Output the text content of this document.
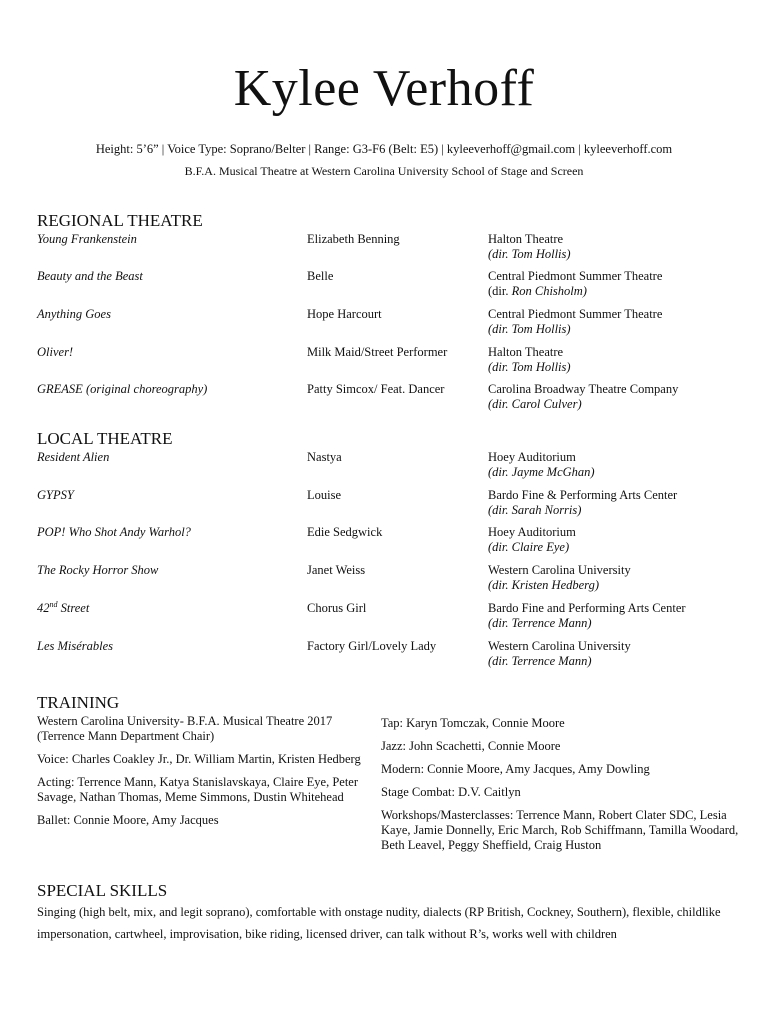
Kylee Verhoff
Height: 5’6” | Voice Type: Soprano/Belter | Range: G3-F6 (Belt: E5) | kyleeverhoff@gmail.com | kyleeverhoff.com
B.F.A. Musical Theatre at Western Carolina University School of Stage and Screen
REGIONAL THEATRE
Young Frankenstein	Elizabeth Benning	Halton Theatre
(dir. Tom Hollis)
Beauty and the Beast	Belle	Central Piedmont Summer Theatre
(dir. Ron Chisholm)
Anything Goes	Hope Harcourt	Central Piedmont Summer Theatre
(dir. Tom Hollis)
Oliver!	Milk Maid/Street Performer	Halton Theatre
(dir. Tom Hollis)
GREASE (original choreography)	Patty Simcox/ Feat. Dancer	Carolina Broadway Theatre Company
(dir. Carol Culver)
LOCAL THEATRE
Resident Alien	Nastya	Hoey Auditorium
(dir. Jayme McGhan)
GYPSY	Louise	Bardo Fine & Performing Arts Center
(dir. Sarah Norris)
POP! Who Shot Andy Warhol?	Edie Sedgwick	Hoey Auditorium
(dir. Claire Eye)
The Rocky Horror Show	Janet Weiss	Western Carolina University
(dir. Kristen Hedberg)
42nd Street	Chorus Girl	Bardo Fine and Performing Arts Center
(dir. Terrence Mann)
Les Misérables	Factory Girl/Lovely Lady	Western Carolina University
(dir. Terrence Mann)
TRAINING
Western Carolina University- B.F.A. Musical Theatre 2017 (Terrence Mann Department Chair)
Voice: Charles Coakley Jr., Dr. William Martin, Kristen Hedberg
Acting: Terrence Mann, Katya Stanislavskaya, Claire Eye, Peter Savage, Nathan Thomas, Meme Simmons, Dustin Whitehead
Ballet: Connie Moore, Amy Jacques
Tap: Karyn Tomczak, Connie Moore
Jazz: John Scachetti, Connie Moore
Modern: Connie Moore, Amy Jacques, Amy Dowling
Stage Combat: D.V. Caitlyn
Workshops/Masterclasses: Terrence Mann, Robert Clater SDC, Lesia Kaye, Jamie Donnelly, Eric March, Rob Schiffmann, Tamilla Woodard, Beth Leavel, Peggy Sheffield, Craig Huston
SPECIAL SKILLS
Singing (high belt, mix, and legit soprano), comfortable with onstage nudity, dialects (RP British, Cockney, Southern), flexible, childlike impersonation, cartwheel, improvisation, bike riding, licensed driver, can talk without R’s, works well with children
